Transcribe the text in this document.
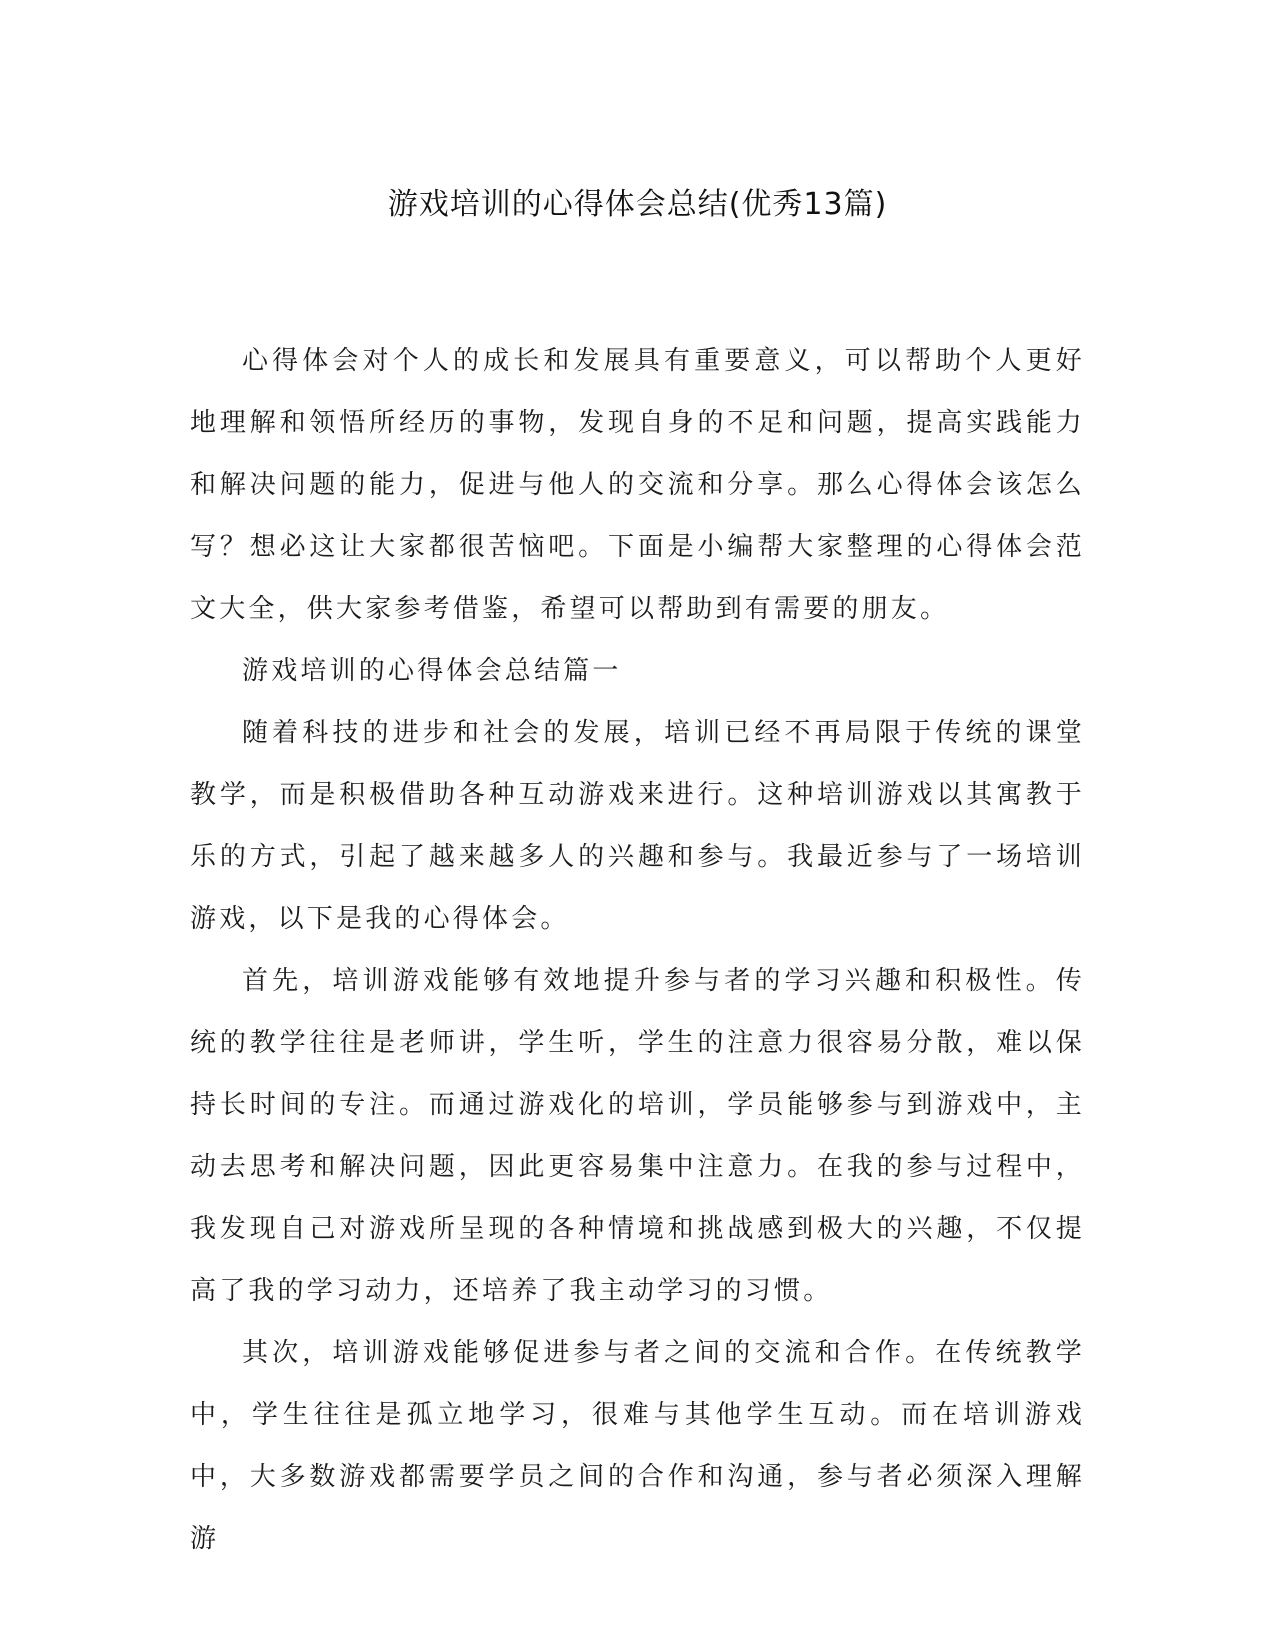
游戏培训的心得体会总结(优秀13篇)

心得体会对个人的成长和发展具有重要意义，可以帮助个人更好地理解和领悟所经历的事物，发现自身的不足和问题，提高实践能力和解决问题的能力，促进与他人的交流和分享。那么心得体会该怎么写？想必这让大家都很苦恼吧。下面是小编帮大家整理的心得体会范文大全，供大家参考借鉴，希望可以帮助到有需要的朋友。

游戏培训的心得体会总结篇一

随着科技的进步和社会的发展，培训已经不再局限于传统的课堂教学，而是积极借助各种互动游戏来进行。这种培训游戏以其寓教于乐的方式，引起了越来越多人的兴趣和参与。我最近参与了一场培训游戏，以下是我的心得体会。

首先，培训游戏能够有效地提升参与者的学习兴趣和积极性。传统的教学往往是老师讲，学生听，学生的注意力很容易分散，难以保持长时间的专注。而通过游戏化的培训，学员能够参与到游戏中，主动去思考和解决问题，因此更容易集中注意力。在我的参与过程中，我发现自己对游戏所呈现的各种情境和挑战感到极大的兴趣，不仅提高了我的学习动力，还培养了我主动学习的习惯。

其次，培训游戏能够促进参与者之间的交流和合作。在传统教学中，学生往往是孤立地学习，很难与其他学生互动。而在培训游戏中，大多数游戏都需要学员之间的合作和沟通，参与者必须深入理解游
